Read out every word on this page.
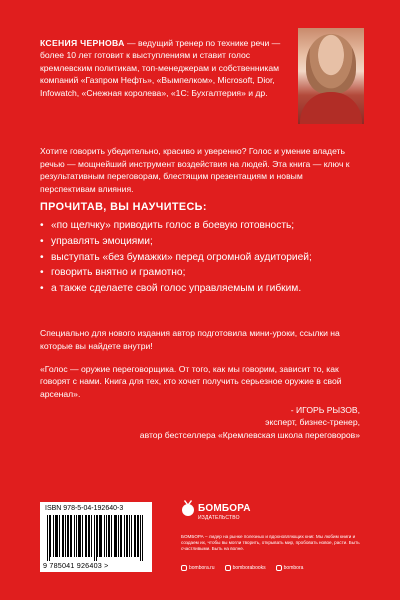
КСЕНИЯ ЧЕРНОВА — ведущий тренер по технике речи — более 10 лет готовит к выступлениям и ставит голос кремлевским политикам, топ-менеджерам и собственникам компаний «Газпром Нефть», «Вымпелком», Microsoft, Dior, Infowatch, «Снежная королева», «1С: Бухгалтерия» и др.
Хотите говорить убедительно, красиво и уверенно? Голос и умение владеть речью — мощнейший инструмент воздействия на людей. Эта книга — ключ к результативным переговорам, блестящим презентациям и новым перспективам влияния.
ПРОЧИТАВ, ВЫ НАУЧИТЕСЬ:
• «по щелчку» приводить голос в боевую готовность;
• управлять эмоциями;
• выступать «без бумажки» перед огромной аудиторией;
• говорить внятно и грамотно;
• а также сделаете свой голос управляемым и гибким.
Специально для нового издания автор подготовила мини-уроки, ссылки на которые вы найдете внутри!
«Голос — оружие переговорщика. От того, как мы говорим, зависит то, как говорят с нами. Книга для тех, кто хочет получить серьезное оружие в свой арсенал».
- ИГОРЬ РЫЗОВ,
эксперт, бизнес-тренер,
автор бестселлера «Кремлевская школа переговоров»
ISBN 978-5-04-192640-3
9 785041 926403 >
БОМБОРА
ИЗДАТЕЛЬСТВО
БОМБОРА – лидер на рынке полезных и вдохновляющих книг. Мы любим книги и создаем их, чтобы вы могли творить, открывать мир, пробовать новое, расти. Быть счастливыми. Быть на волне.
bombora.ru	bomborabooks	bombora
